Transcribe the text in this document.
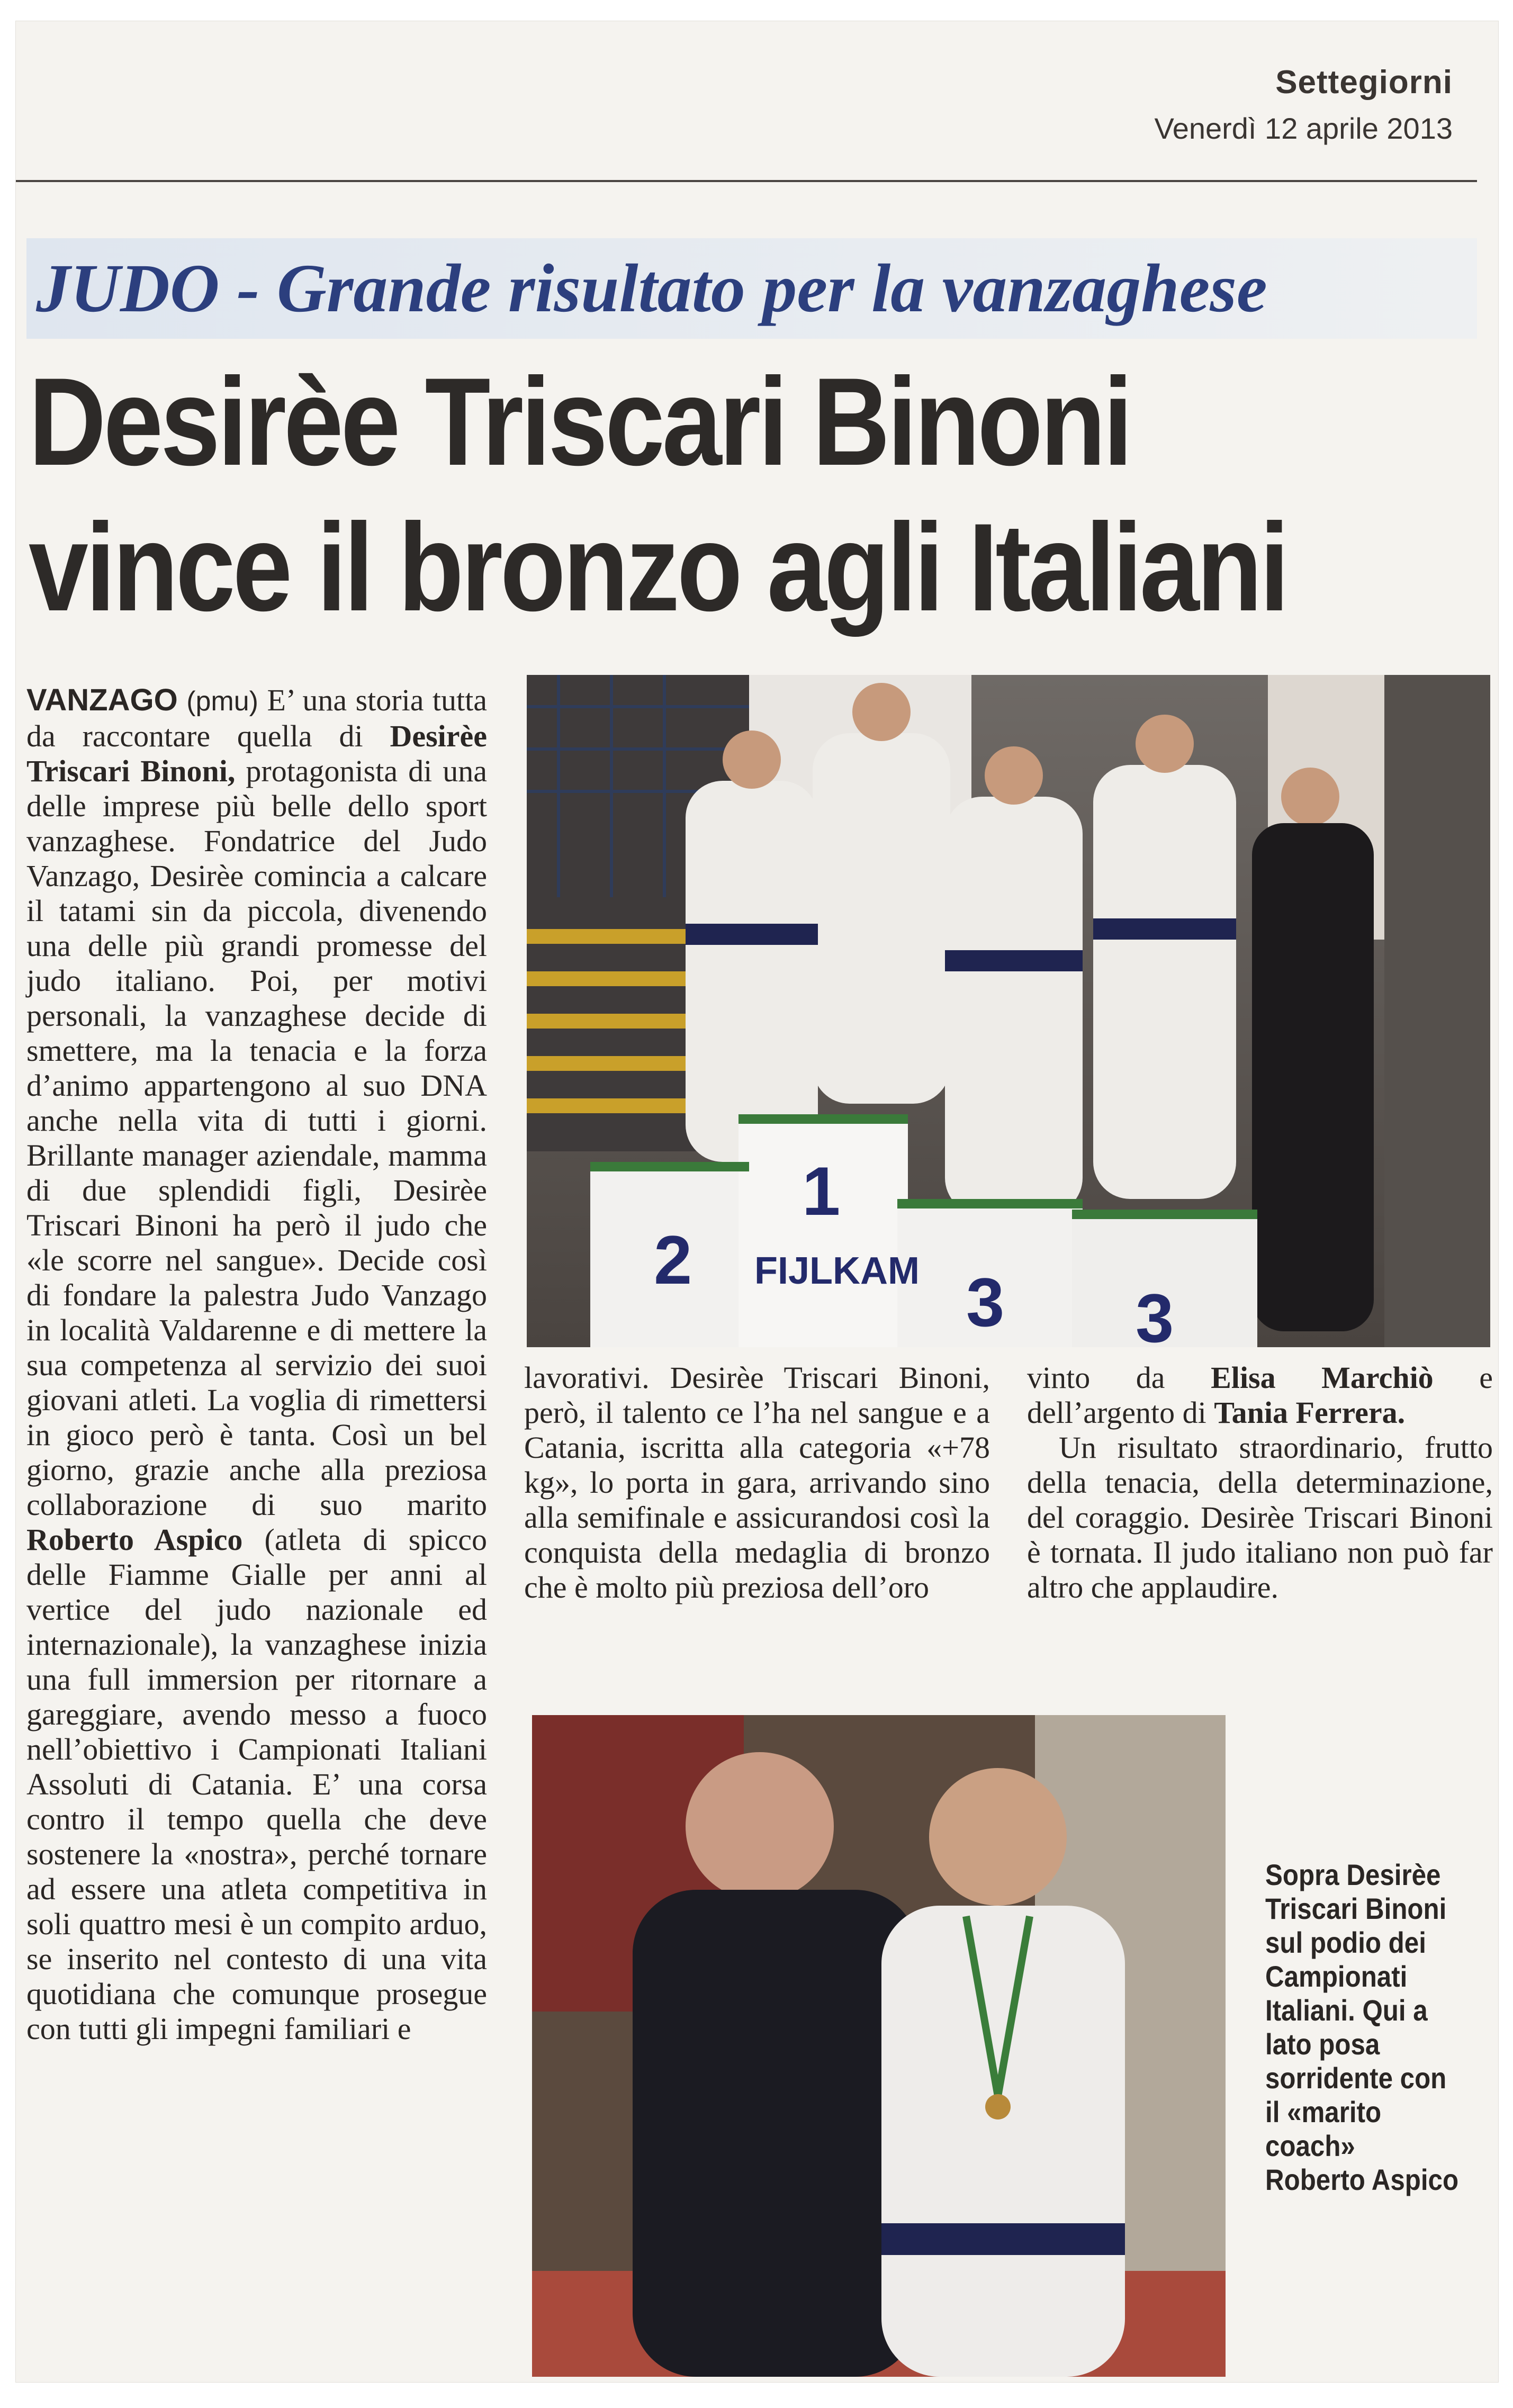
Settegiorni
Venerdì 12 aprile 2013
JUDO - Grande risultato per la vanzaghese
Desirèe Triscari Binoni
vince il bronzo agli Italiani

VANZAGO (pmu) E’ una storia tutta da raccontare quella di Desirèe Triscari Binoni, protagonista di una delle imprese più belle dello sport vanzaghese. Fondatrice del Judo Vanzago, Desirèe comincia a calcare il tatami sin da piccola, divenendo una delle più grandi promesse del judo italiano. Poi, per motivi personali, la vanzaghese decide di smettere, ma la tenacia e la forza d’animo appartengono al suo DNA anche nella vita di tutti i giorni. Brillante manager aziendale, mamma di due splendidi figli, Desirèe Triscari Binoni ha però il judo che «le scorre nel sangue». Decide così di fondare la palestra Judo Vanzago in località Valdarenne e di mettere la sua competenza al servizio dei suoi giovani atleti. La voglia di rimettersi in gioco però è tanta. Così un bel giorno, grazie anche alla preziosa collaborazione di suo marito Roberto Aspico (atleta di spicco delle Fiamme Gialle per anni al vertice del judo nazionale ed internazionale), la vanzaghese inizia una full immersion per ritornare a gareggiare, avendo messo a fuoco nell’obiettivo i Campionati Italiani Assoluti di Catania. E’ una corsa contro il tempo quella che deve sostenere la «nostra», perché tornare ad essere una atleta competitiva in soli quattro mesi è un compito arduo, se inserito nel contesto di una vita quotidiana che comunque prosegue con tutti gli impegni familiari e

2
1
FIJLKAM 3 3

lavorativi. Desirèe Triscari Binoni, però, il talento ce l’ha nel sangue e a Catania, iscritta alla categoria «+78 kg», lo porta in gara, arrivando sino alla semifinale e assicurandosi così la conquista della medaglia di bronzo che è molto più preziosa dell’oro

vinto da Elisa Marchiò e dell’argento di Tania Ferrera.

Un risultato straordinario, frutto della tenacia, della determinazione, del coraggio. Desirèe Triscari Binoni è tornata. Il judo italiano non può far altro che applaudire.

Sopra Desirèe Triscari Binoni sul podio dei Campionati Italiani. Qui a lato posa sorridente con il «marito coach» Roberto Aspico
